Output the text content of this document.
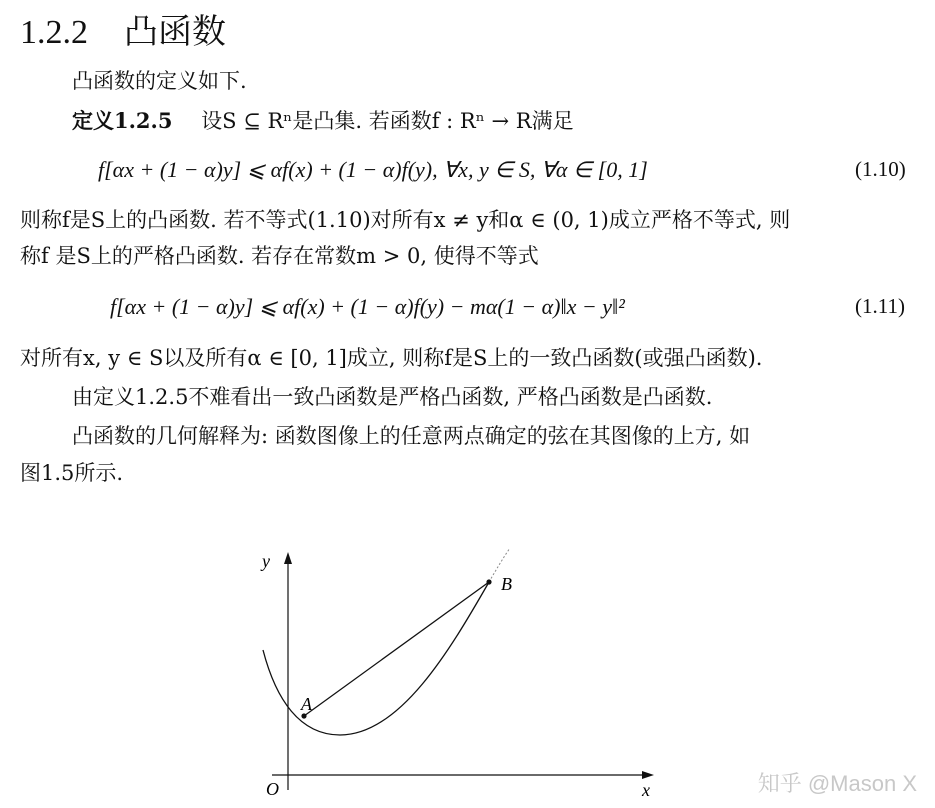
1.2.2 凸函数
凸函数的定义如下.
定义1.2.5 设S ⊆ Rⁿ是凸集. 若函数f : Rⁿ → R满足
f[αx + (1 − α)y] ⩽ αf(x) + (1 − α)f(y), ∀x, y ∈ S, ∀α ∈ [0, 1]	(1.10)
则称f是S上的凸函数. 若不等式(1.10)对所有x ≠ y和α ∈ (0, 1)成立严格不等式, 则
称f 是S上的严格凸函数. 若存在常数m > 0, 使得不等式
f[αx + (1 − α)y] ⩽ αf(x) + (1 − α)f(y) − mα(1 − α)‖x − y‖²	(1.11)
对所有x, y ∈ S以及所有α ∈ [0, 1]成立, 则称f是S上的一致凸函数(或强凸函数).
由定义1.2.5不难看出一致凸函数是严格凸函数, 严格凸函数是凸函数.
凸函数的几何解释为: 函数图像上的任意两点确定的弦在其图像的上方, 如
图1.5所示.
y
x
O
A
B
知乎 @Mason X
